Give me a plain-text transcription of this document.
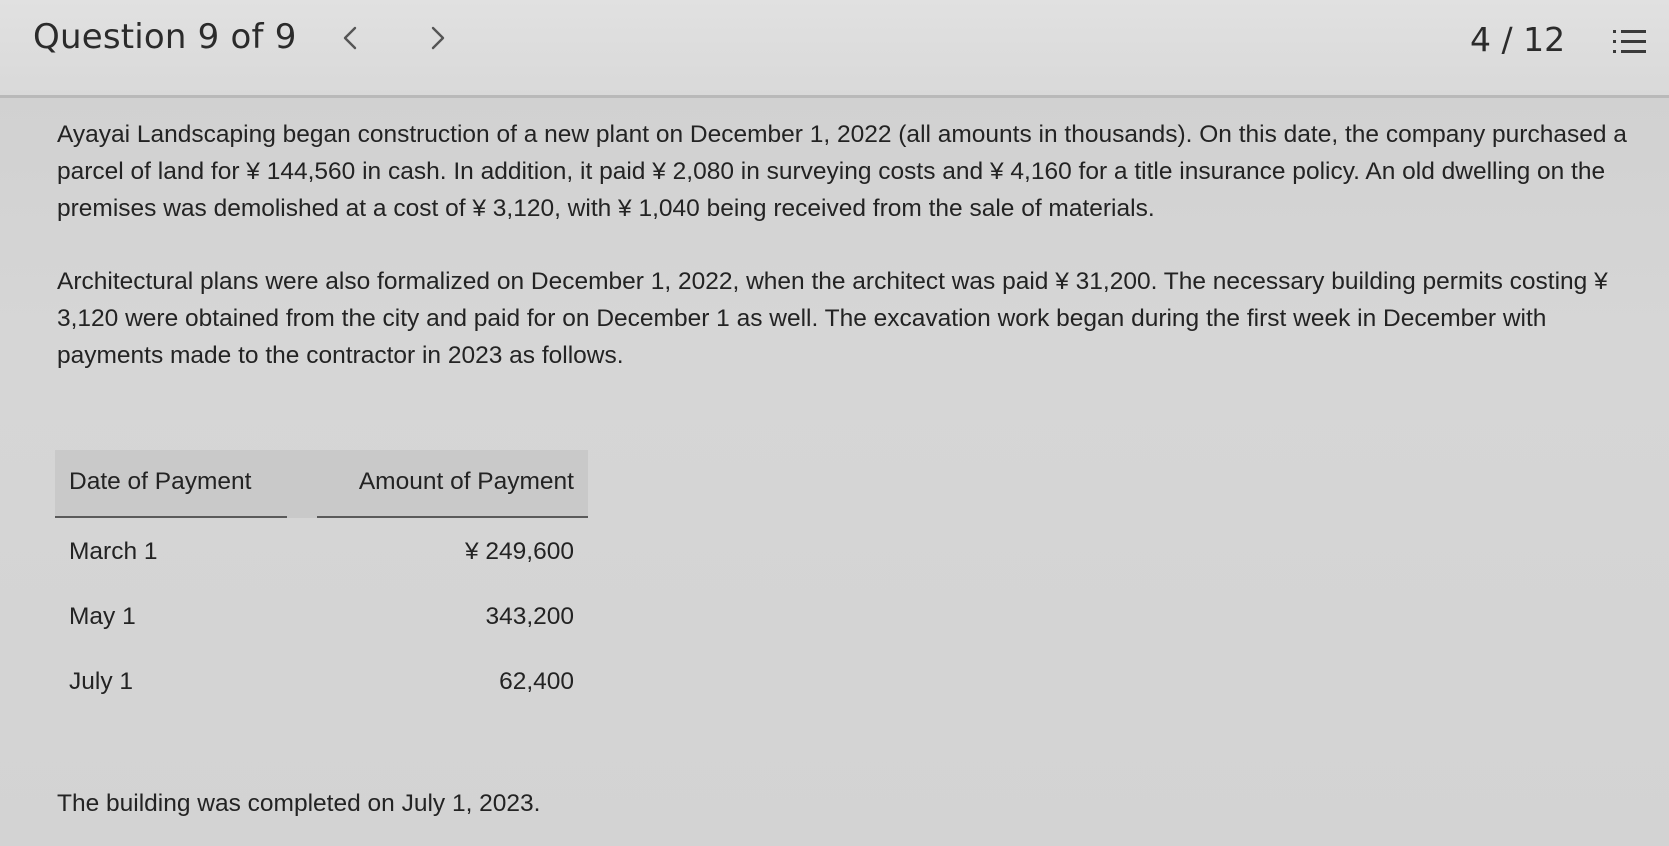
Question 9 of 9	4 / 12

Ayayai Landscaping began construction of a new plant on December 1, 2022 (all amounts in thousands). On this date, the company purchased a parcel of land for ¥ 144,560 in cash. In addition, it paid ¥ 2,080 in surveying costs and ¥ 4,160 for a title insurance policy. An old dwelling on the premises was demolished at a cost of ¥ 3,120, with ¥ 1,040 being received from the sale of materials.

Architectural plans were also formalized on December 1, 2022, when the architect was paid ¥ 31,200. The necessary building permits costing ¥ 3,120 were obtained from the city and paid for on December 1 as well. The excavation work began during the first week in December with payments made to the contractor in 2023 as follows.

Date of Payment	Amount of Payment
March 1	¥ 249,600
May 1	343,200
July 1	62,400
The building was completed on July 1, 2023.
